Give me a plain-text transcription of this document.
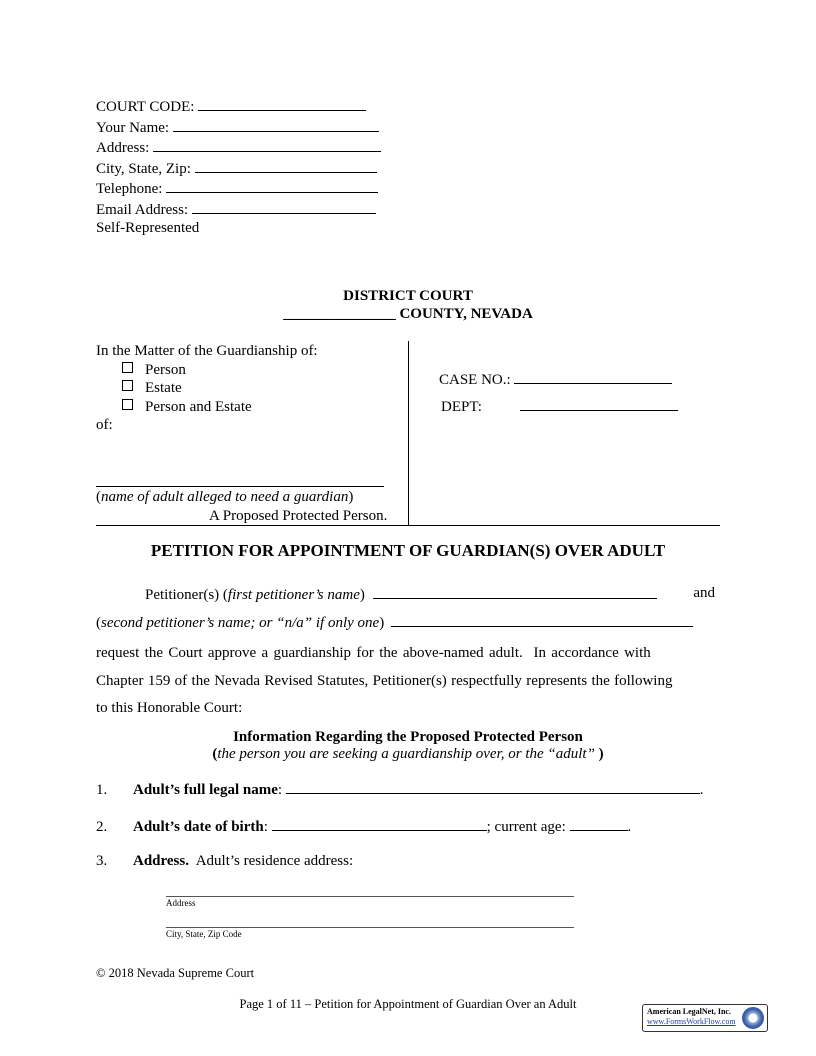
COURT CODE:
Your Name:
Address:
City, State, Zip:
Telephone:
Email Address:
Self-Represented
DISTRICT COURT
_______________ COUNTY, NEVADA
In the Matter of the Guardianship of:
Person
Estate
Person and Estate
of:
(name of adult alleged to need a guardian)
A Proposed Protected Person.
CASE NO.:
DEPT:
PETITION FOR APPOINTMENT OF GUARDIAN(S) OVER ADULT
Petitioner(s) (first petitioner’s name)	and
(second petitioner’s name; or “n/a” if only one)
request the Court approve a guardianship for the above-named adult.  In accordance with
Chapter 159 of the Nevada Revised Statutes, Petitioner(s) respectfully represents the following
to this Honorable Court:
Information Regarding the Proposed Protected Person
(the person you are seeking a guardianship over, or the “adult” )
1. Adult’s full legal name:	.
2. Adult’s date of birth:	; current age:	.
3. Address. Adult’s residence address:
Address
City, State, Zip Code
© 2018 Nevada Supreme Court
Page 1 of 11 – Petition for Appointment of Guardian Over an Adult
American LegalNet, Inc.
www.FormsWorkFlow.com
